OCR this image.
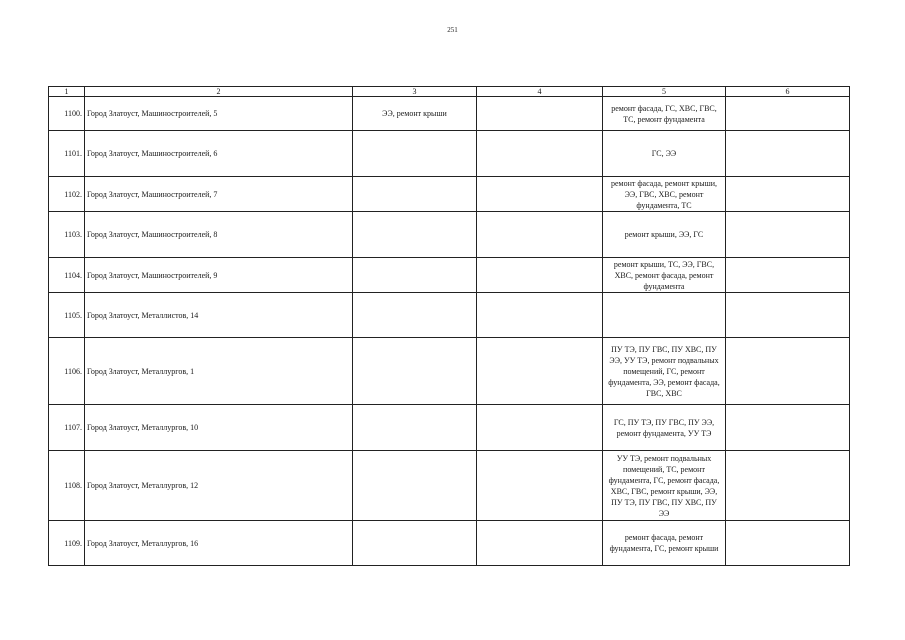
251
1	2	3	4	5	6
1100.	Город Златоуст, Машиностроителей, 5	ЭЭ, ремонт крыши		ремонт фасада, ГС, ХВС, ГВС, ТС, ремонт фундамента	
1101.	Город Златоуст, Машиностроителей, 6			ГС, ЭЭ	
1102.	Город Златоуст, Машиностроителей, 7			ремонт фасада, ремонт крыши, ЭЭ, ГВС, ХВС, ремонт фундамента, ТС	
1103.	Город Златоуст, Машиностроителей, 8			ремонт крыши, ЭЭ, ГС	
1104.	Город Златоуст, Машиностроителей, 9			ремонт крыши, ТС, ЭЭ, ГВС, ХВС, ремонт фасада, ремонт фундамента	
1105.	Город Златоуст, Металлистов, 14				
1106.	Город Златоуст, Металлургов, 1			ПУ ТЭ, ПУ ГВС, ПУ ХВС, ПУ ЭЭ, УУ ТЭ, ремонт подвальных помещений, ГС, ремонт фундамента, ЭЭ, ремонт фасада, ГВС, ХВС	
1107.	Город Златоуст, Металлургов, 10			ГС, ПУ ТЭ, ПУ ГВС, ПУ ЭЭ, ремонт фундамента, УУ ТЭ	
1108.	Город Златоуст, Металлургов, 12			УУ ТЭ, ремонт подвальных помещений, ТС, ремонт фундамента, ГС, ремонт фасада, ХВС, ГВС, ремонт крыши, ЭЭ, ПУ ТЭ, ПУ ГВС, ПУ ХВС, ПУ ЭЭ	
1109.	Город Златоуст, Металлургов, 16			ремонт фасада, ремонт фундамента, ГС, ремонт крыши	
